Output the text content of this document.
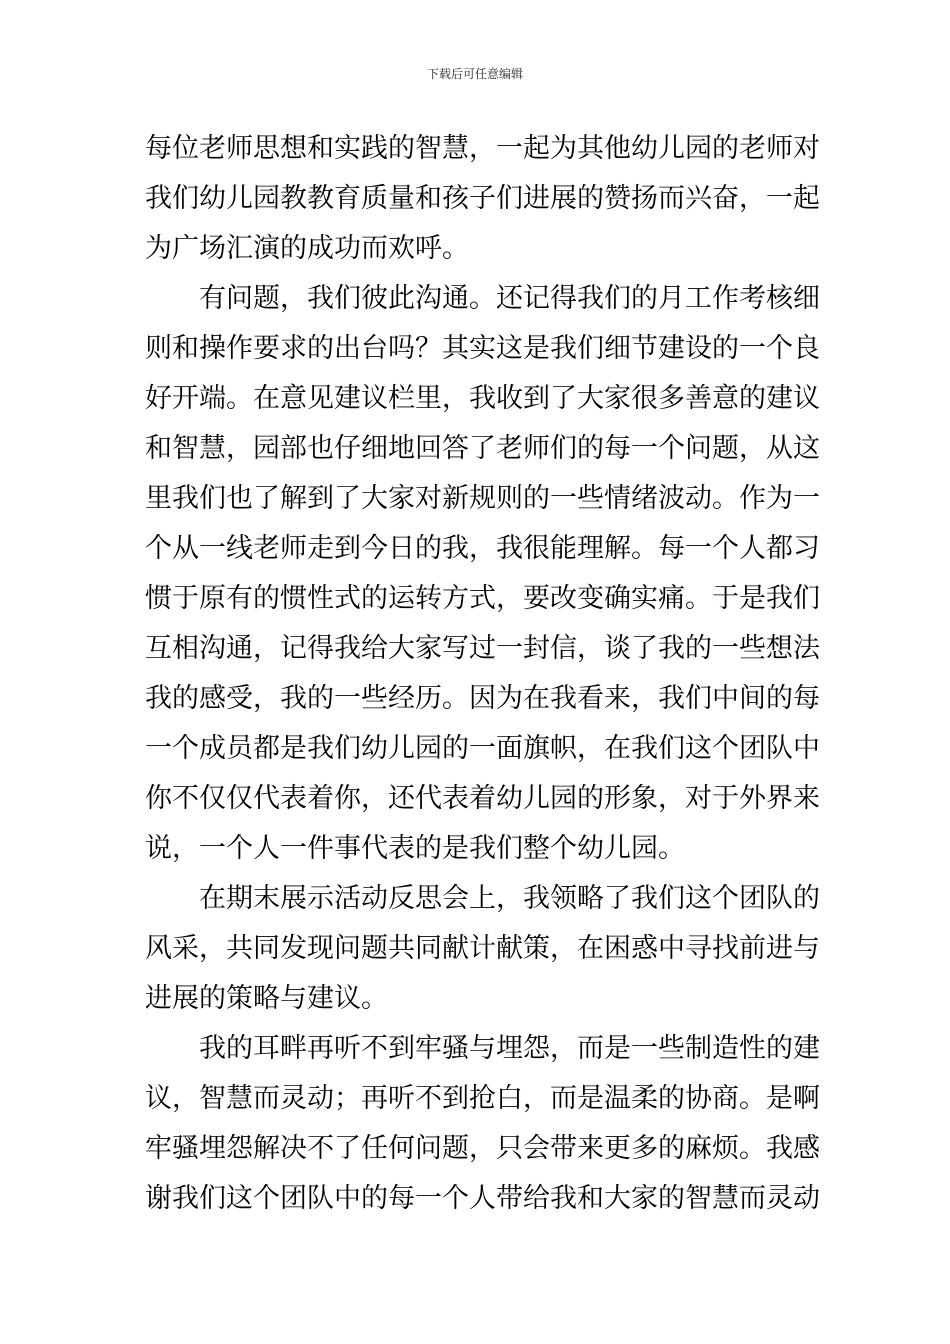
下载后可任意编辑
每位老师思想和实践的智慧，一起为其他幼儿园的老师对
我们幼儿园教教育质量和孩子们进展的赞扬而兴奋，一起
为广场汇演的成功而欢呼。
　　有问题，我们彼此沟通。还记得我们的月工作考核细
则和操作要求的出台吗？其实这是我们细节建设的一个良
好开端。在意见建议栏里，我收到了大家很多善意的建议
和智慧，园部也仔细地回答了老师们的每一个问题，从这
里我们也了解到了大家对新规则的一些情绪波动。作为一
个从一线老师走到今日的我，我很能理解。每一个人都习
惯于原有的惯性式的运转方式，要改变确实痛。于是我们
互相沟通，记得我给大家写过一封信，谈了我的一些想法
我的感受，我的一些经历。因为在我看来，我们中间的每
一个成员都是我们幼儿园的一面旗帜，在我们这个团队中
你不仅仅代表着你，还代表着幼儿园的形象，对于外界来
说，一个人一件事代表的是我们整个幼儿园。
　　在期末展示活动反思会上，我领略了我们这个团队的
风采，共同发现问题共同献计献策，在困惑中寻找前进与
进展的策略与建议。
　　我的耳畔再听不到牢骚与埋怨，而是一些制造性的建
议，智慧而灵动；再听不到抢白，而是温柔的协商。是啊
牢骚埋怨解决不了任何问题，只会带来更多的麻烦。我感
谢我们这个团队中的每一个人带给我和大家的智慧而灵动
